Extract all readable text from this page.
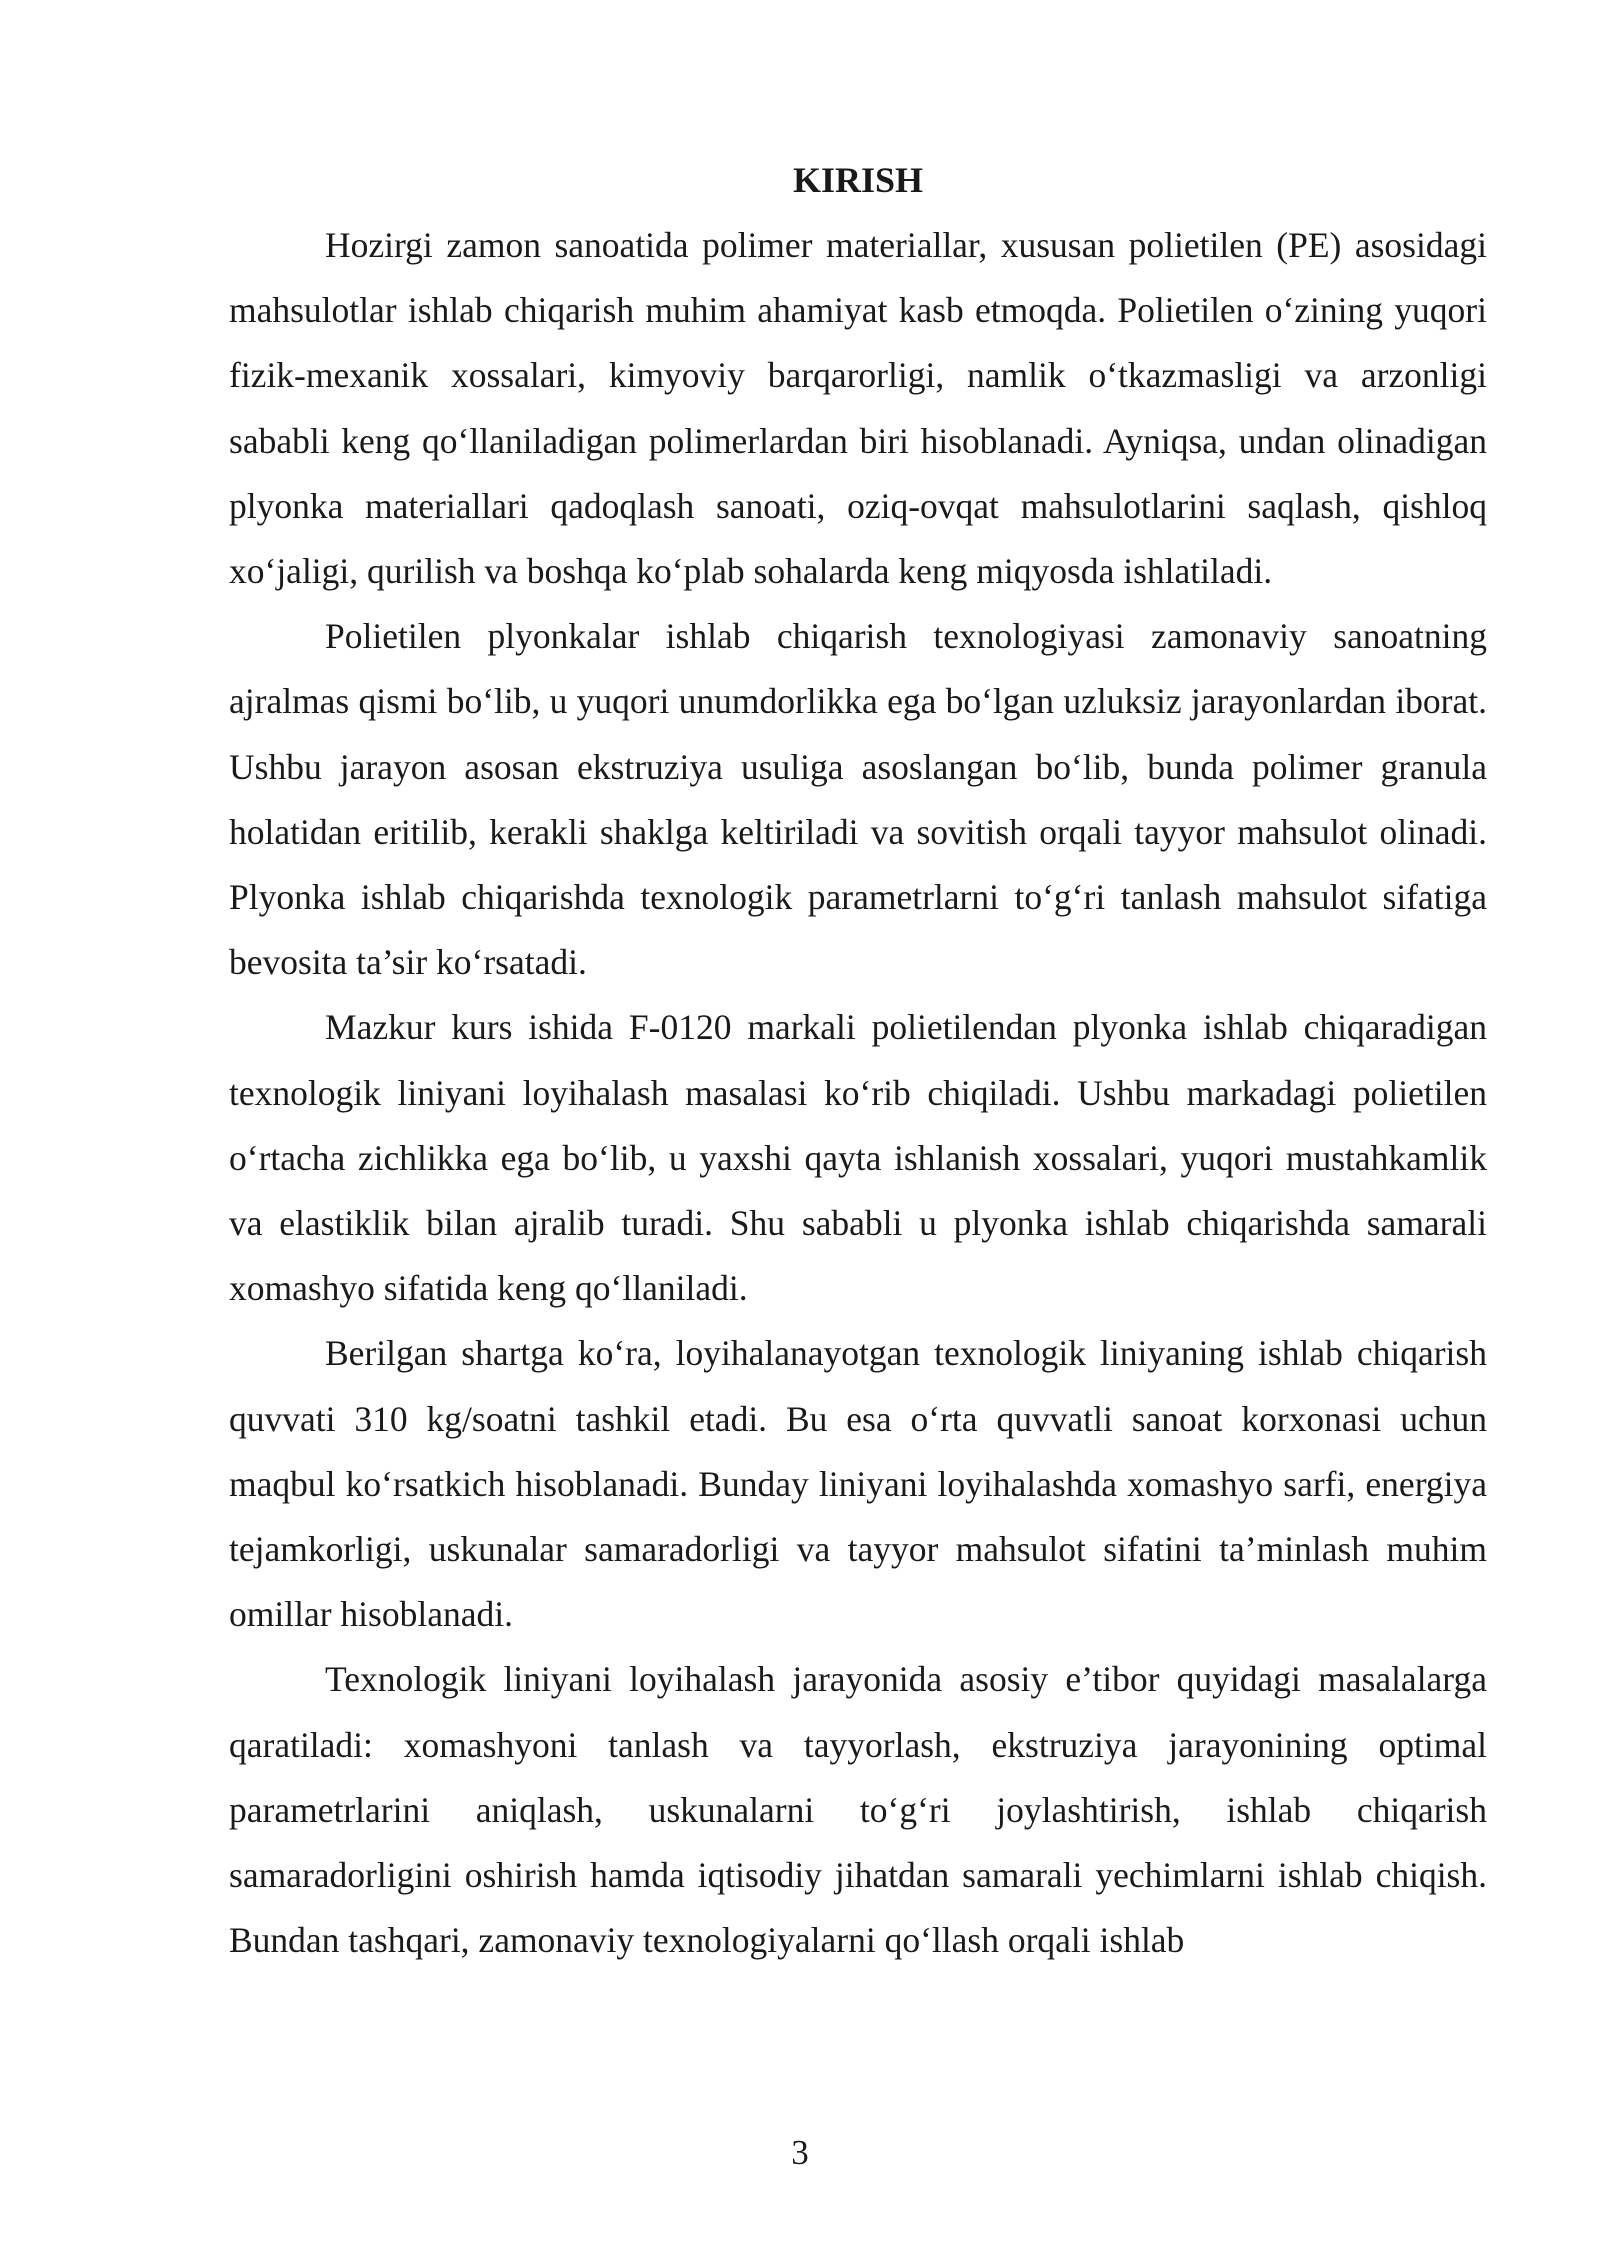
KIRISH

Hozirgi zamon sanoatida polimer materiallar, xususan polietilen (PE) asosidagi mahsulotlar ishlab chiqarish muhim ahamiyat kasb etmoqda. Polietilen o‘zining yuqori fizik-mexanik xossalari, kimyoviy barqarorligi, namlik o‘tkazmasligi va arzonligi sababli keng qo‘llaniladigan polimerlardan biri hisoblanadi. Ayniqsa, undan olinadigan plyonka materiallari qadoqlash sanoati, oziq-ovqat mahsulotlarini saqlash, qishloq xo‘jaligi, qurilish va boshqa ko‘plab sohalarda keng miqyosda ishlatiladi.

Polietilen plyonkalar ishlab chiqarish texnologiyasi zamonaviy sanoatning ajralmas qismi bo‘lib, u yuqori unumdorlikka ega bo‘lgan uzluksiz jarayonlardan iborat. Ushbu jarayon asosan ekstruziya usuliga asoslangan bo‘lib, bunda polimer granula holatidan eritilib, kerakli shaklga keltiriladi va sovitish orqali tayyor mahsulot olinadi. Plyonka ishlab chiqarishda texnologik parametrlarni to‘g‘ri tanlash mahsulot sifatiga bevosita ta’sir ko‘rsatadi.

Mazkur kurs ishida F-0120 markali polietilendan plyonka ishlab chiqaradigan texnologik liniyani loyihalash masalasi ko‘rib chiqiladi. Ushbu markadagi polietilen o‘rtacha zichlikka ega bo‘lib, u yaxshi qayta ishlanish xossalari, yuqori mustahkamlik va elastiklik bilan ajralib turadi. Shu sababli u plyonka ishlab chiqarishda samarali xomashyo sifatida keng qo‘llaniladi.

Berilgan shartga ko‘ra, loyihalanayotgan texnologik liniyaning ishlab chiqarish quvvati 310 kg/soatni tashkil etadi. Bu esa o‘rta quvvatli sanoat korxonasi uchun maqbul ko‘rsatkich hisoblanadi. Bunday liniyani loyihalashda xomashyo sarfi, energiya tejamkorligi, uskunalar samaradorligi va tayyor mahsulot sifatini ta’minlash muhim omillar hisoblanadi.

Texnologik liniyani loyihalash jarayonida asosiy e’tibor quyidagi masalalarga qaratiladi: xomashyoni tanlash va tayyorlash, ekstruziya jarayonining optimal parametrlarini aniqlash, uskunalarni to‘g‘ri joylashtirish, ishlab chiqarish samaradorligini oshirish hamda iqtisodiy jihatdan samarali yechimlarni ishlab chiqish. Bundan tashqari, zamonaviy texnologiyalarni qo‘llash orqali ishlab

3
